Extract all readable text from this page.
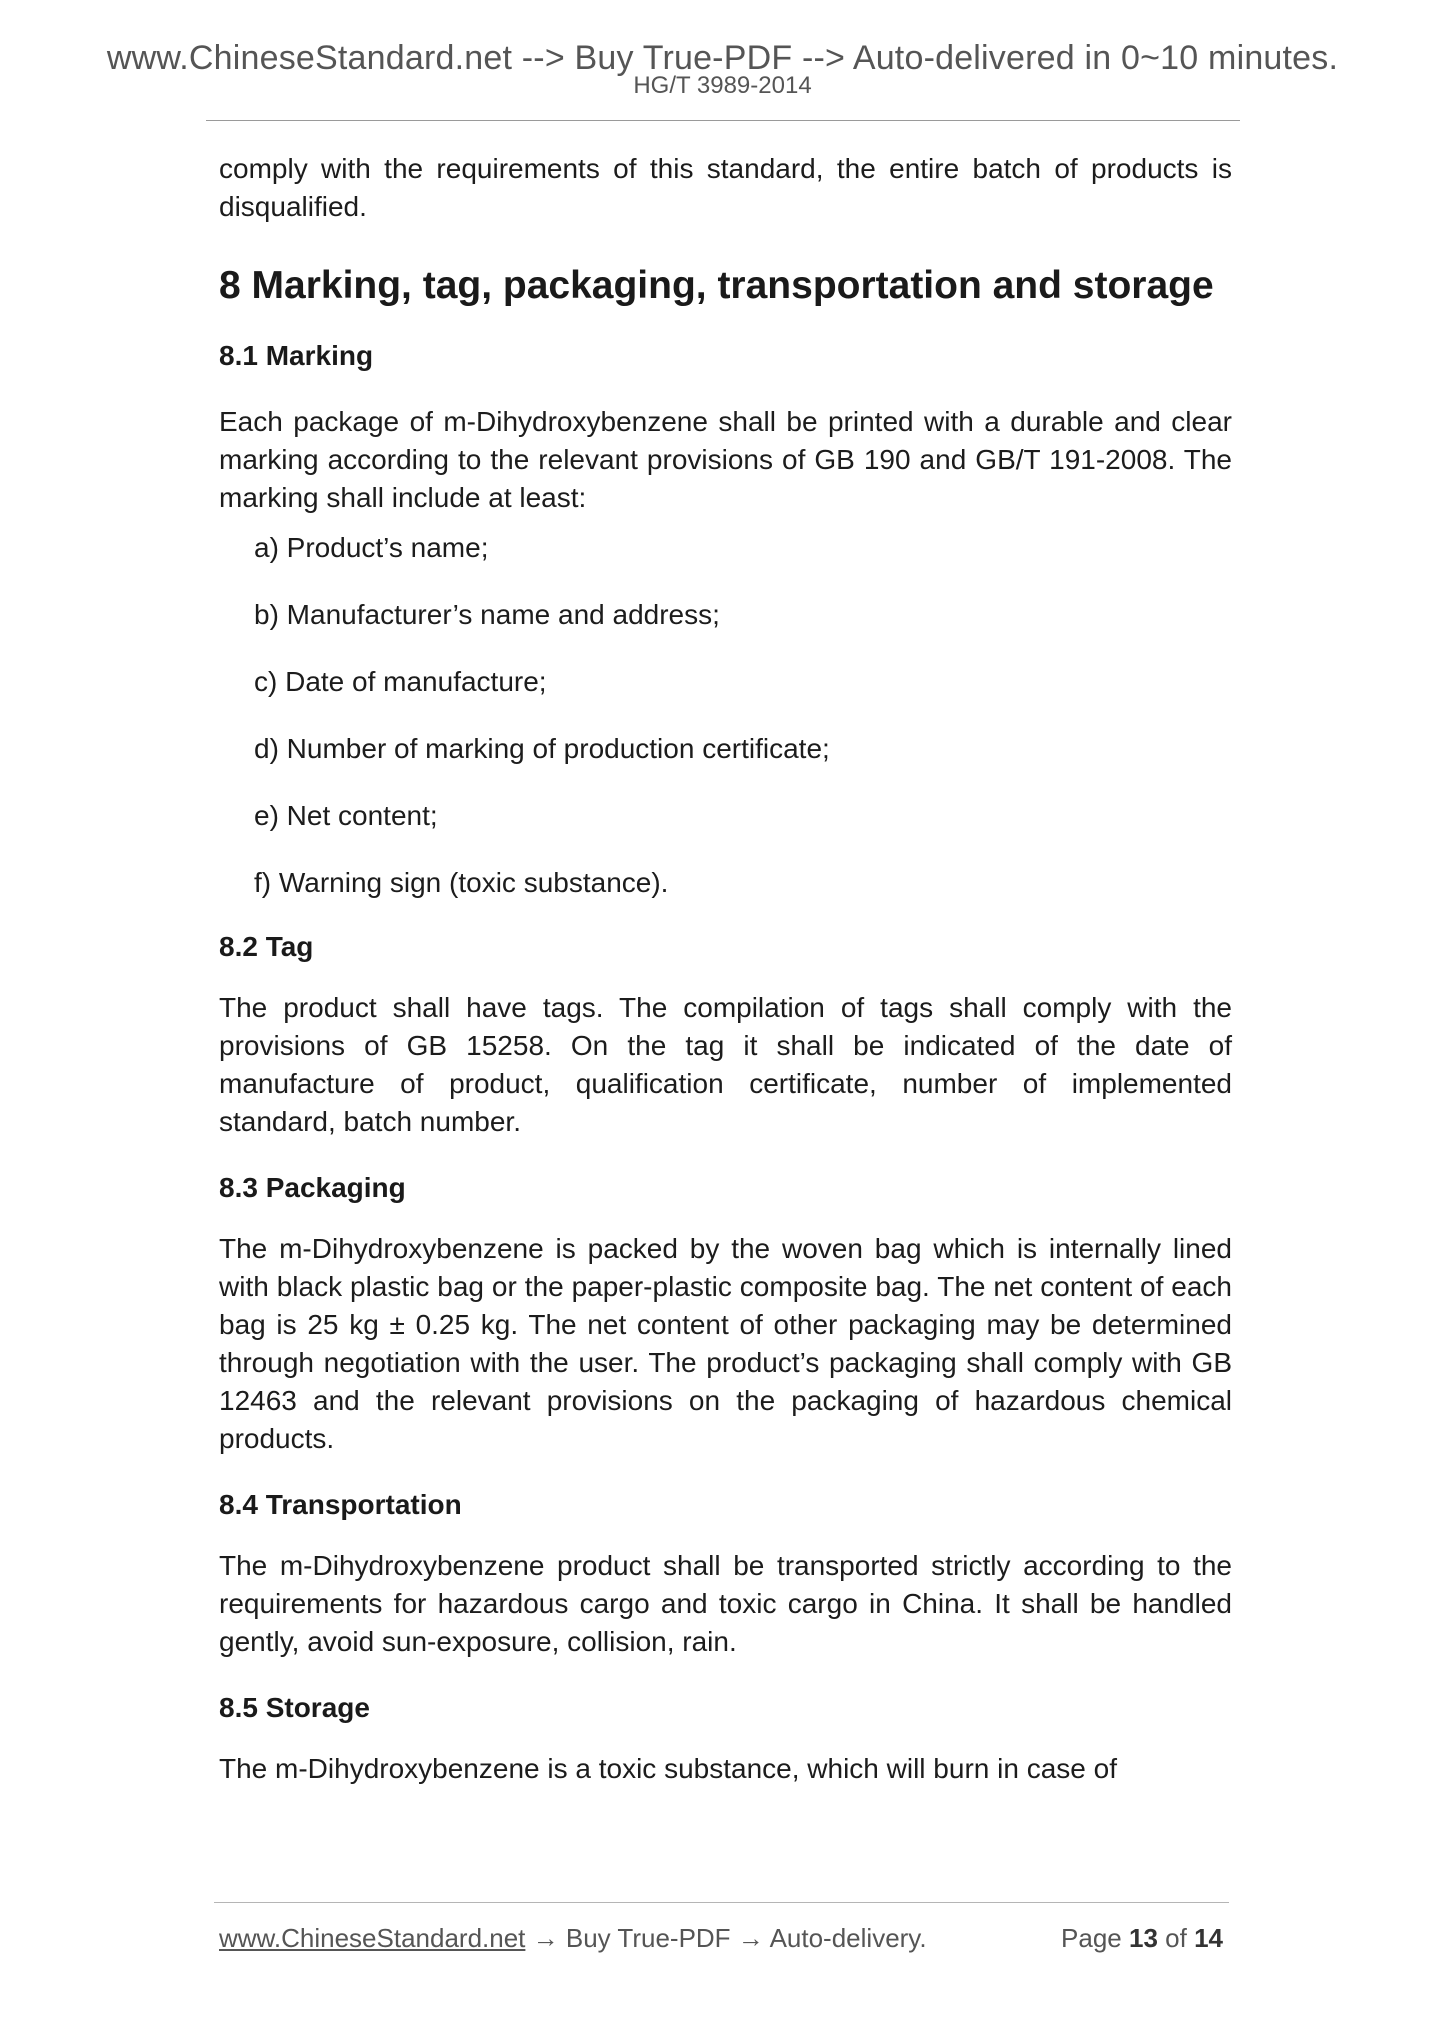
www.ChineseStandard.net --> Buy True-PDF --> Auto-delivered in 0~10 minutes.
HG/T 3989-2014

comply with the requirements of this standard, the entire batch of products is disqualified.

8 Marking, tag, packaging, transportation and storage
8.1 Marking

Each package of m-Dihydroxybenzene shall be printed with a durable and clear marking according to the relevant provisions of GB 190 and GB/T 191-2008. The marking shall include at least:

a) Product’s name;
b) Manufacturer’s name and address;
c) Date of manufacture;
d) Number of marking of production certificate;
e) Net content;
f) Warning sign (toxic substance).
8.2 Tag

The product shall have tags. The compilation of tags shall comply with the provisions of GB 15258. On the tag it shall be indicated of the date of manufacture of product, qualification certificate, number of implemented standard, batch number.

8.3 Packaging

The m-Dihydroxybenzene is packed by the woven bag which is internally lined with black plastic bag or the paper-plastic composite bag. The net content of each bag is 25 kg ± 0.25 kg. The net content of other packaging may be determined through negotiation with the user. The product’s packaging shall comply with GB 12463 and the relevant provisions on the packaging of hazardous chemical products.

8.4 Transportation

The m-Dihydroxybenzene product shall be transported strictly according to the requirements for hazardous cargo and toxic cargo in China. It shall be handled gently, avoid sun-exposure, collision, rain.

8.5 Storage

The m-Dihydroxybenzene is a toxic substance, which will burn in case of

www.ChineseStandard.net → Buy True-PDF → Auto-delivery.	Page 13 of 14
